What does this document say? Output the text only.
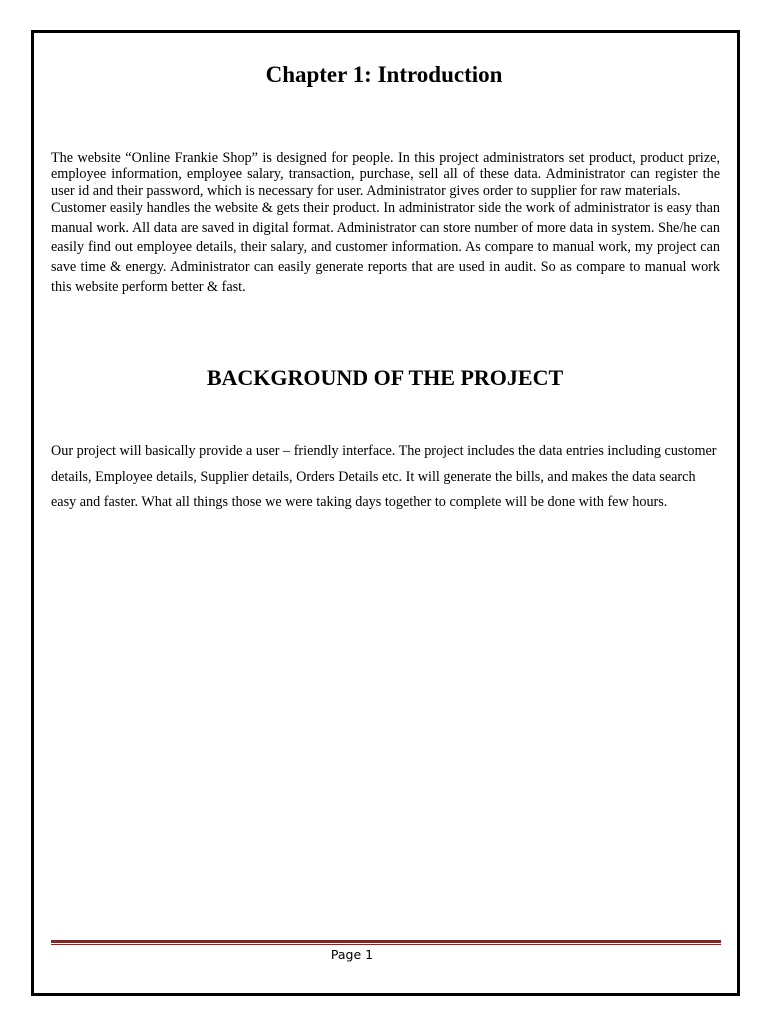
Chapter 1: Introduction

The website “Online Frankie Shop” is designed for people. In this project administrators set product, product prize, employee information, employee salary, transaction, purchase, sell all of these data. Administrator can register the user id and their password, which is necessary for user. Administrator gives order to supplier for raw materials.

Customer easily handles the website & gets their product. In administrator side the work of administrator is easy than manual work. All data are saved in digital format. Administrator can store number of more data in system. She/he can easily find out employee details, their salary, and customer information. As compare to manual work, my project can save time & energy. Administrator can easily generate reports that are used in audit. So as compare to manual work this website perform better & fast.

BACKGROUND OF THE PROJECT

Our project will basically provide a user – friendly interface. The project includes the data entries including customer details, Employee details, Supplier details, Orders Details etc. It will generate the bills, and makes the data search easy and faster. What all things those we were taking days together to complete will be done with few hours.

Page 1
